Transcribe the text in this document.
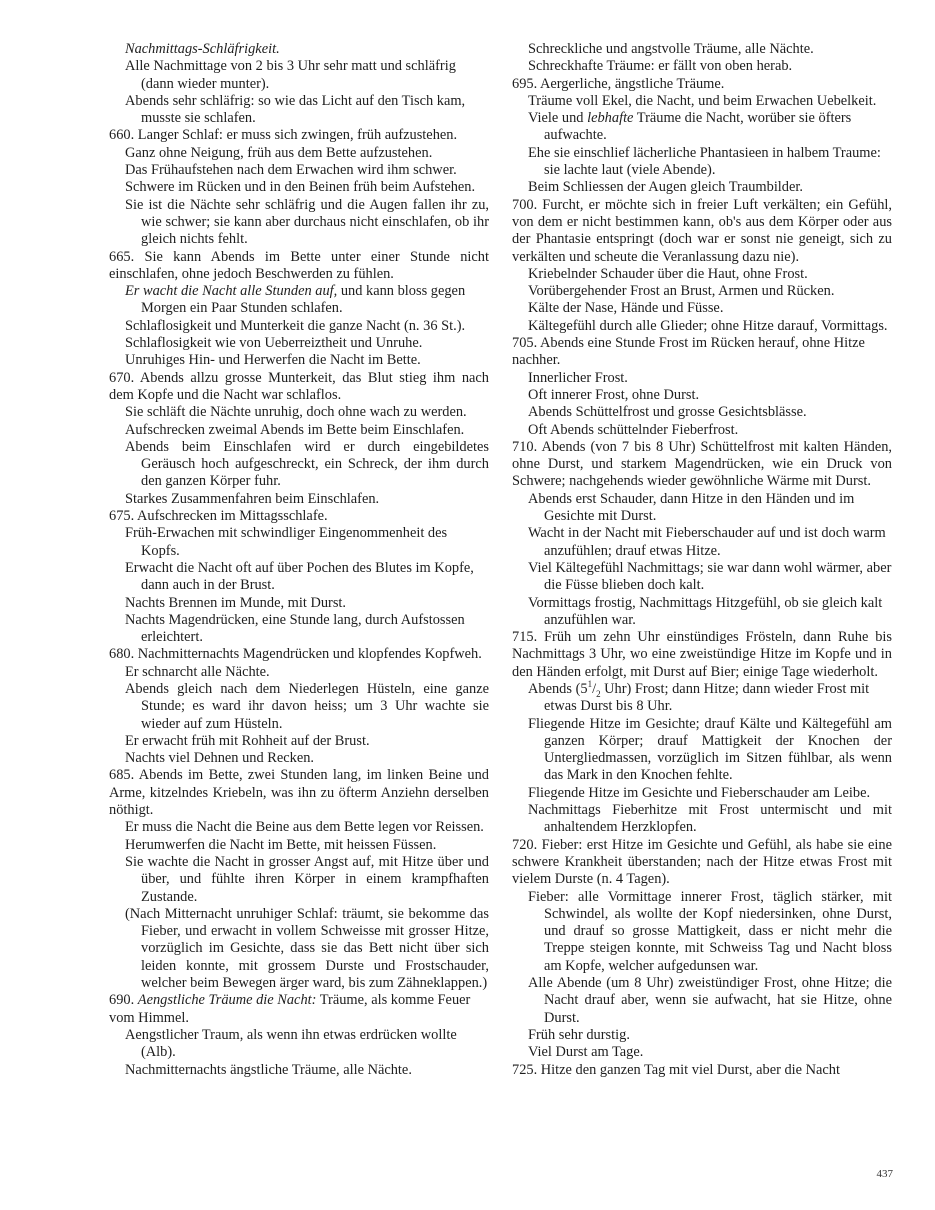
Nachmittags-Schläfrigkeit.

Alle Nachmittage von 2 bis 3 Uhr sehr matt und schläfrig (dann wieder munter).

Abends sehr schläfrig: so wie das Licht auf den Tisch kam, musste sie schlafen.

660. Langer Schlaf: er muss sich zwingen, früh aufzustehen.

Ganz ohne Neigung, früh aus dem Bette aufzustehen.

Das Frühaufstehen nach dem Erwachen wird ihm schwer.

Schwere im Rücken und in den Beinen früh beim Aufstehen.

Sie ist die Nächte sehr schläfrig und die Augen fallen ihr zu, wie schwer; sie kann aber durchaus nicht einschlafen, ob ihr gleich nichts fehlt.

665. Sie kann Abends im Bette unter einer Stunde nicht einschlafen, ohne jedoch Beschwerden zu fühlen.

Er wacht die Nacht alle Stunden auf, und kann bloss gegen Morgen ein Paar Stunden schlafen.

Schlaflosigkeit und Munterkeit die ganze Nacht (n. 36 St.).

Schlaflosigkeit wie von Ueberreiztheit und Unruhe.

Unruhiges Hin- und Herwerfen die Nacht im Bette.

670. Abends allzu grosse Munterkeit, das Blut stieg ihm nach dem Kopfe und die Nacht war schlaflos.

Sie schläft die Nächte unruhig, doch ohne wach zu werden.

Aufschrecken zweimal Abends im Bette beim Einschlafen.

Abends beim Einschlafen wird er durch eingebildetes Geräusch hoch aufgeschreckt, ein Schreck, der ihm durch den ganzen Körper fuhr.

Starkes Zusammenfahren beim Einschlafen.

675. Aufschrecken im Mittagsschlafe.

Früh-Erwachen mit schwindliger Eingenommenheit des Kopfs.

Erwacht die Nacht oft auf über Pochen des Blutes im Kopfe, dann auch in der Brust.

Nachts Brennen im Munde, mit Durst.

Nachts Magendrücken, eine Stunde lang, durch Aufstossen erleichtert.

680. Nachmitternachts Magendrücken und klopfendes Kopfweh.

Er schnarcht alle Nächte.

Abends gleich nach dem Niederlegen Hüsteln, eine ganze Stunde; es ward ihr davon heiss; um 3 Uhr wachte sie wieder auf zum Hüsteln.

Er erwacht früh mit Rohheit auf der Brust.

Nachts viel Dehnen und Recken.

685. Abends im Bette, zwei Stunden lang, im linken Beine und Arme, kitzelndes Kriebeln, was ihn zu öfterm Anziehn derselben nöthigt.

Er muss die Nacht die Beine aus dem Bette legen vor Reissen.

Herumwerfen die Nacht im Bette, mit heissen Füssen.

Sie wachte die Nacht in grosser Angst auf, mit Hitze über und über, und fühlte ihren Körper in einem krampfhaften Zustande.

(Nach Mitternacht unruhiger Schlaf: träumt, sie bekomme das Fieber, und erwacht in vollem Schweisse mit grosser Hitze, vorzüglich im Gesichte, dass sie das Bett nicht über sich leiden konnte, mit grossem Durste und Frostschauder, welcher beim Bewegen ärger ward, bis zum Zähneklappen.)

690. Aengstliche Träume die Nacht: Träume, als komme Feuer vom Himmel.

Aengstlicher Traum, als wenn ihn etwas erdrücken wollte (Alb).

Nachmitternachts ängstliche Träume, alle Nächte.

Schreckliche und angstvolle Träume, alle Nächte.

Schreckhafte Träume: er fällt von oben herab.

695. Aergerliche, ängstliche Träume.

Träume voll Ekel, die Nacht, und beim Erwachen Uebelkeit.

Viele und lebhafte Träume die Nacht, worüber sie öfters aufwachte.

Ehe sie einschlief lächerliche Phantasieen in halbem Traume: sie lachte laut (viele Abende).

Beim Schliessen der Augen gleich Traumbilder.

700. Furcht, er möchte sich in freier Luft verkälten; ein Gefühl, von dem er nicht bestimmen kann, ob's aus dem Körper oder aus der Phantasie entspringt (doch war er sonst nie geneigt, sich zu verkälten und scheute die Veranlassung dazu nie).

Kriebelnder Schauder über die Haut, ohne Frost.

Vorübergehender Frost an Brust, Armen und Rücken.

Kälte der Nase, Hände und Füsse.

Kältegefühl durch alle Glieder; ohne Hitze darauf, Vormittags.

705. Abends eine Stunde Frost im Rücken herauf, ohne Hitze nachher.

Innerlicher Frost.

Oft innerer Frost, ohne Durst.

Abends Schüttelfrost und grosse Gesichtsblässe.

Oft Abends schüttelnder Fieberfrost.

710. Abends (von 7 bis 8 Uhr) Schüttelfrost mit kalten Händen, ohne Durst, und starkem Magendrücken, wie ein Druck von Schwere; nachgehends wieder gewöhnliche Wärme mit Durst.

Abends erst Schauder, dann Hitze in den Händen und im Gesichte mit Durst.

Wacht in der Nacht mit Fieberschauder auf und ist doch warm anzufühlen; drauf etwas Hitze.

Viel Kältegefühl Nachmittags; sie war dann wohl wärmer, aber die Füsse blieben doch kalt.

Vormittags frostig, Nachmittags Hitzgefühl, ob sie gleich kalt anzufühlen war.

715. Früh um zehn Uhr einstündiges Frösteln, dann Ruhe bis Nachmittags 3 Uhr, wo eine zweistündige Hitze im Kopfe und in den Händen erfolgt, mit Durst auf Bier; einige Tage wiederholt.

Abends ($5^1/_2$ Uhr) Frost; dann Hitze; dann wieder Frost mit etwas Durst bis 8 Uhr.

Fliegende Hitze im Gesichte; drauf Kälte und Kältegefühl am ganzen Körper; drauf Mattigkeit der Knochen der Untergliedmassen, vorzüglich im Sitzen fühlbar, als wenn das Mark in den Knochen fehlte.

Fliegende Hitze im Gesichte und Fieberschauder am Leibe.

Nachmittags Fieberhitze mit Frost untermischt und mit anhaltendem Herzklopfen.

720. Fieber: erst Hitze im Gesichte und Gefühl, als habe sie eine schwere Krankheit überstanden; nach der Hitze etwas Frost mit vielem Durste (n. 4 Tagen).

Fieber: alle Vormittage innerer Frost, täglich stärker, mit Schwindel, als wollte der Kopf niedersinken, ohne Durst, und drauf so grosse Mattigkeit, dass er nicht mehr die Treppe steigen konnte, mit Schweiss Tag und Nacht bloss am Kopfe, welcher aufgedunsen war.

Alle Abende (um 8 Uhr) zweistündiger Frost, ohne Hitze; die Nacht drauf aber, wenn sie aufwacht, hat sie Hitze, ohne Durst.

Früh sehr durstig.

Viel Durst am Tage.

725. Hitze den ganzen Tag mit viel Durst, aber die Nacht

437
